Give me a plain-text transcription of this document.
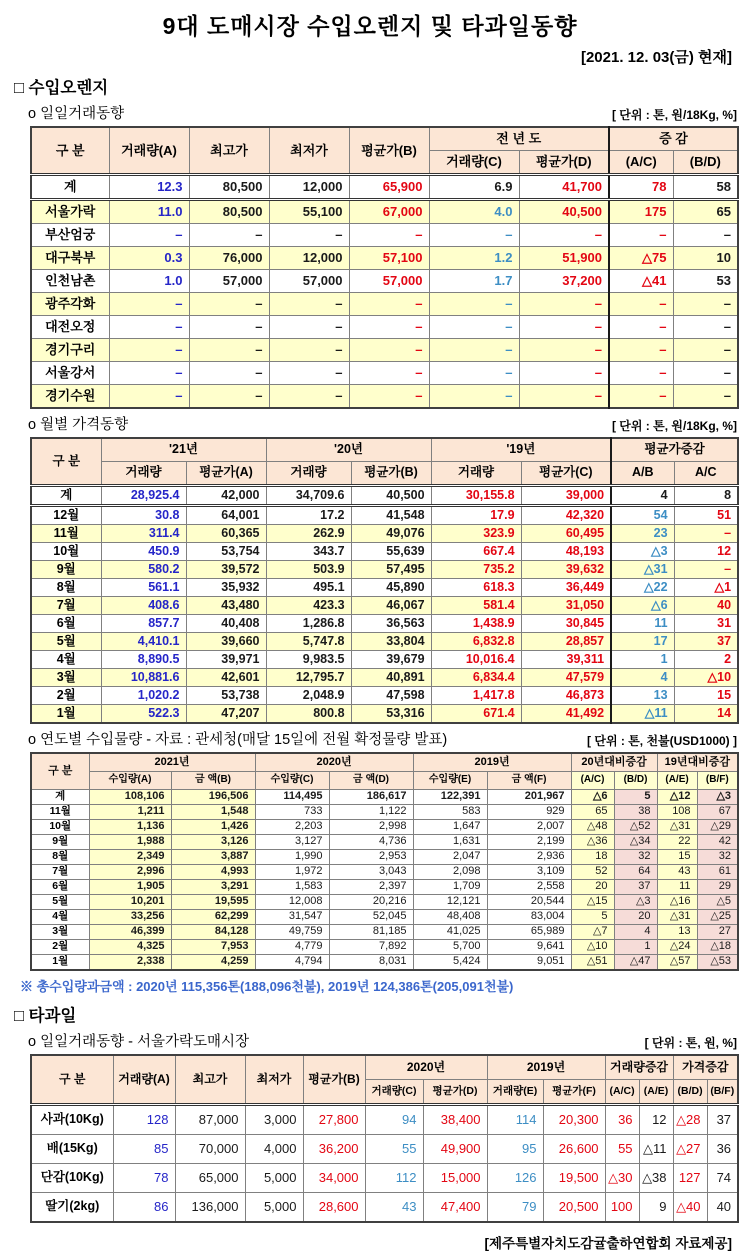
9대 도매시장 수입오렌지 및 타과일동향
[2021. 12. 03(금) 현재]
□ 수입오렌지
o 일일거래동향	[ 단위 : 톤, 원/18Kg, %]
구 분	거래량(A)	최고가	최저가	평균가(B)	전 년 도		증 감	
					거래량(C)	평균가(D)	(A/C)	(B/D)
계	12.3	80,500	12,000	65,900	6.9	41,700	78	58
서울가락	11.0	80,500	55,100	67,000	4.0	40,500	175	65
부산엄궁	–	–	–	–	–	–	–	–
대구북부	0.3	76,000	12,000	57,100	1.2	51,900	△75	10
인천남촌	1.0	57,000	57,000	57,000	1.7	37,200	△41	53
광주각화	–	–	–	–	–	–	–	–
대전오정	–	–	–	–	–	–	–	–
경기구리	–	–	–	–	–	–	–	–
서울강서	–	–	–	–	–	–	–	–
경기수원	–	–	–	–	–	–	–	–
o 월별 가격동향	[ 단위 : 톤, 원/18Kg, %]
구 분	'21년		'20년		'19년		평균가증감	
	거래량	평균가(A)	거래량	평균가(B)	거래량	평균가(C)	A/B	A/C
계	28,925.4	42,000	34,709.6	40,500	30,155.8	39,000	4	8
12월	30.8	64,001	17.2	41,548	17.9	42,320	54	51
11월	311.4	60,365	262.9	49,076	323.9	60,495	23	–
10월	450.9	53,754	343.7	55,639	667.4	48,193	△3	12
9월	580.2	39,572	503.9	57,495	735.2	39,632	△31	–
8월	561.1	35,932	495.1	45,890	618.3	36,449	△22	△1
7월	408.6	43,480	423.3	46,067	581.4	31,050	△6	40
6월	857.7	40,408	1,286.8	36,563	1,438.9	30,845	11	31
5월	4,410.1	39,660	5,747.8	33,804	6,832.8	28,857	17	37
4월	8,890.5	39,971	9,983.5	39,679	10,016.4	39,311	1	2
3월	10,881.6	42,601	12,795.7	40,891	6,834.4	47,579	4	△10
2월	1,020.2	53,738	2,048.9	47,598	1,417.8	46,873	13	15
1월	522.3	47,207	800.8	53,316	671.4	41,492	△11	14
o 연도별 수입물량 - 자료 : 관세청(매달 15일에 전월 확정물량 발표)	[ 단위 : 톤, 천불(USD1000) ]
구 분	2021년		2020년		2019년		20년대비증감		19년대비증감	
	수입량(A)	금 액(B)	수입량(C)	금 액(D)	수입량(E)	금 액(F)	(A/C)	(B/D)	(A/E)	(B/F)
계	108,106	196,506	114,495	186,617	122,391	201,967	△6	5	△12	△3
11월	1,211	1,548	733	1,122	583	929	65	38	108	67
10월	1,136	1,426	2,203	2,998	1,647	2,007	△48	△52	△31	△29
9월	1,988	3,126	3,127	4,736	1,631	2,199	△36	△34	22	42
8월	2,349	3,887	1,990	2,953	2,047	2,936	18	32	15	32
7월	2,996	4,993	1,972	3,043	2,098	3,109	52	64	43	61
6월	1,905	3,291	1,583	2,397	1,709	2,558	20	37	11	29
5월	10,201	19,595	12,008	20,216	12,121	20,544	△15	△3	△16	△5
4월	33,256	62,299	31,547	52,045	48,408	83,004	5	20	△31	△25
3월	46,399	84,128	49,759	81,185	41,025	65,989	△7	4	13	27
2월	4,325	7,953	4,779	7,892	5,700	9,641	△10	1	△24	△18
1월	2,338	4,259	4,794	8,031	5,424	9,051	△51	△47	△57	△53
※ 총수입량과금액 : 2020년 115,356톤(188,096천불), 2019년 124,386톤(205,091천불)
□ 타과일
o 일일거래동향 - 서울가락도매시장	[ 단위 : 톤, 원, %]
구 분	거래량(A)	최고가	최저가	평균가(B)	2020년		2019년		거래량증감		가격증감	
					거래량(C)	평균가(D)	거래량(E)	평균가(F)	(A/C)	(A/E)	(B/D)	(B/F)
사과(10Kg)	128	87,000	3,000	27,800	94	38,400	114	20,300	36	12	△28	37
배(15Kg)	85	70,000	4,000	36,200	55	49,900	95	26,600	55	△11	△27	36
단감(10Kg)	78	65,000	5,000	34,000	112	15,000	126	19,500	△30	△38	127	74
딸기(2kg)	86	136,000	5,000	28,600	43	47,400	79	20,500	100	9	△40	40
[제주특별자치도감귤출하연합회 자료제공]
